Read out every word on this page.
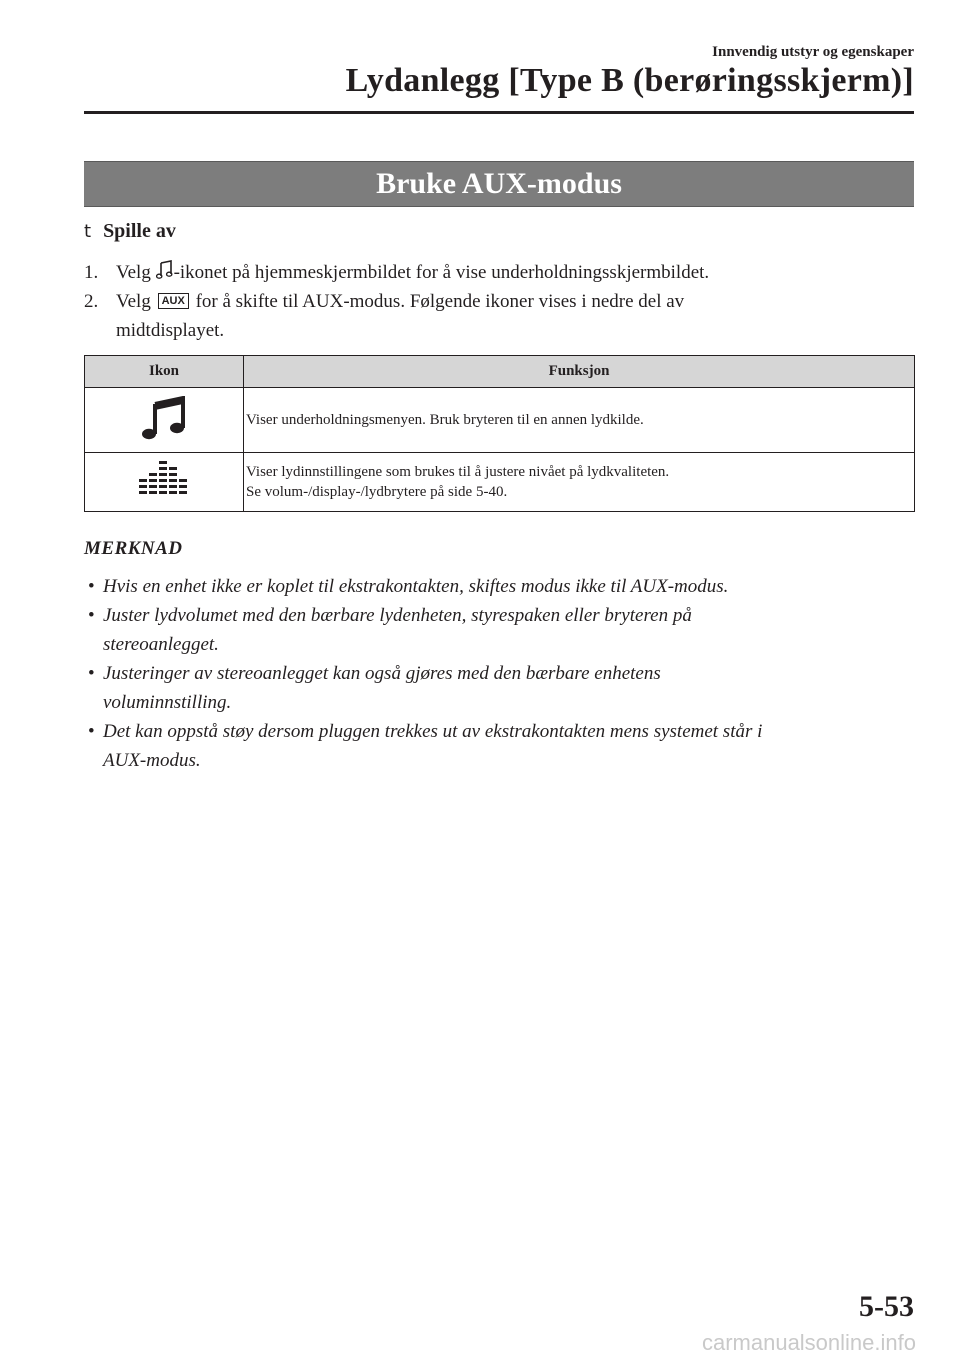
Innvendig utstyr og egenskaper
Lydanlegg [Type B (berøringsskjerm)]
Bruke AUX-modus
t Spille av
1. Velg -ikonet på hjemmeskjermbildet for å vise underholdningsskjermbildet.
2. Velg AUX for å skifte til AUX-modus. Følgende ikoner vises i nedre del av
midtdisplayet.
Ikon	Funksjon
	Viser underholdningsmenyen. Bruk bryteren til en annen lydkilde.
	Viser lydinnstillingene som brukes til å justere nivået på lydkvaliteten.
Se volum-/display-/lydbrytere på side 5-40.
MERKNAD
• Hvis en enhet ikke er koplet til ekstrakontakten, skiftes modus ikke til AUX-modus.
• Juster lydvolumet med den bærbare lydenheten, styrespaken eller bryteren på
stereoanlegget.
• Justeringer av stereoanlegget kan også gjøres med den bærbare enhetens
voluminnstilling.
• Det kan oppstå støy dersom pluggen trekkes ut av ekstrakontakten mens systemet står i
AUX-modus.
5-53
carmanualsonline.info
